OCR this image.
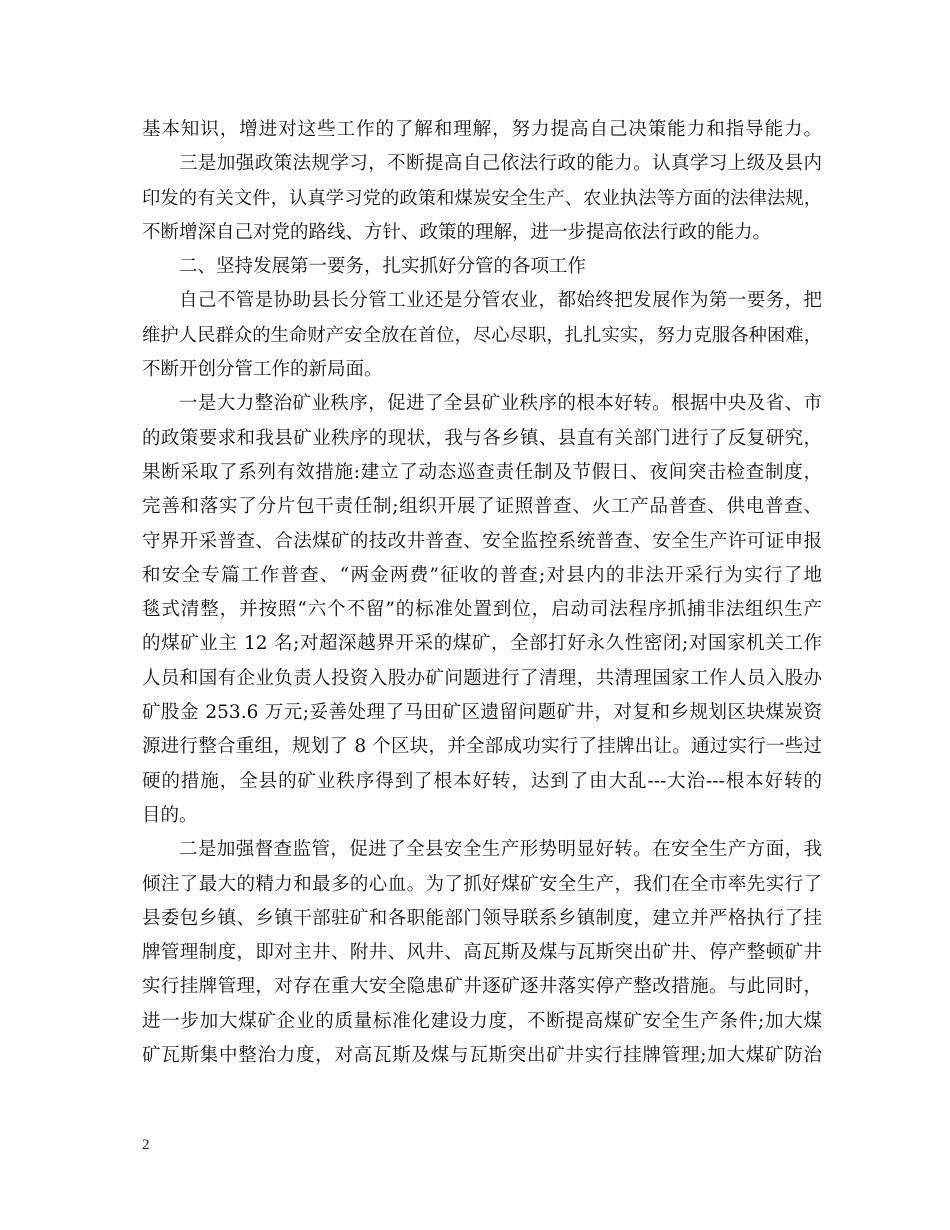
基本知识，增进对这些工作的了解和理解，努力提高自己决策能力和指导能力。
三是加强政策法规学习，不断提高自己依法行政的能力。认真学习上级及县内
印发的有关文件，认真学习党的政策和煤炭安全生产、农业执法等方面的法律法规，
不断增深自己对党的路线、方针、政策的理解，进一步提高依法行政的能力。
二、坚持发展第一要务，扎实抓好分管的各项工作
自己不管是协助县长分管工业还是分管农业，都始终把发展作为第一要务，把
维护人民群众的生命财产安全放在首位，尽心尽职，扎扎实实，努力克服各种困难，
不断开创分管工作的新局面。
一是大力整治矿业秩序，促进了全县矿业秩序的根本好转。根据中央及省、市
的政策要求和我县矿业秩序的现状，我与各乡镇、县直有关部门进行了反复研究，
果断采取了系列有效措施:建立了动态巡查责任制及节假日、夜间突击检查制度，
完善和落实了分片包干责任制;组织开展了证照普查、火工产品普查、供电普查、
守界开采普查、合法煤矿的技改井普查、安全监控系统普查、安全生产许可证申报
和安全专篇工作普查、“两金两费”征收的普查;对县内的非法开采行为实行了地
毯式清整，并按照“六个不留”的标准处置到位，启动司法程序抓捕非法组织生产
的煤矿业主 12 名;对超深越界开采的煤矿，全部打好永久性密闭;对国家机关工作
人员和国有企业负责人投资入股办矿问题进行了清理，共清理国家工作人员入股办
矿股金 253.6 万元;妥善处理了马田矿区遗留问题矿井，对复和乡规划区块煤炭资
源进行整合重组，规划了 8 个区块，并全部成功实行了挂牌出让。通过实行一些过
硬的措施，全县的矿业秩序得到了根本好转，达到了由大乱---大治---根本好转的
目的。
二是加强督查监管，促进了全县安全生产形势明显好转。在安全生产方面，我
倾注了最大的精力和最多的心血。为了抓好煤矿安全生产，我们在全市率先实行了
县委包乡镇、乡镇干部驻矿和各职能部门领导联系乡镇制度，建立并严格执行了挂
牌管理制度，即对主井、附井、风井、高瓦斯及煤与瓦斯突出矿井、停产整顿矿井
实行挂牌管理，对存在重大安全隐患矿井逐矿逐井落实停产整改措施。与此同时，
进一步加大煤矿企业的质量标准化建设力度，不断提高煤矿安全生产条件;加大煤
矿瓦斯集中整治力度，对高瓦斯及煤与瓦斯突出矿井实行挂牌管理;加大煤矿防治
2
